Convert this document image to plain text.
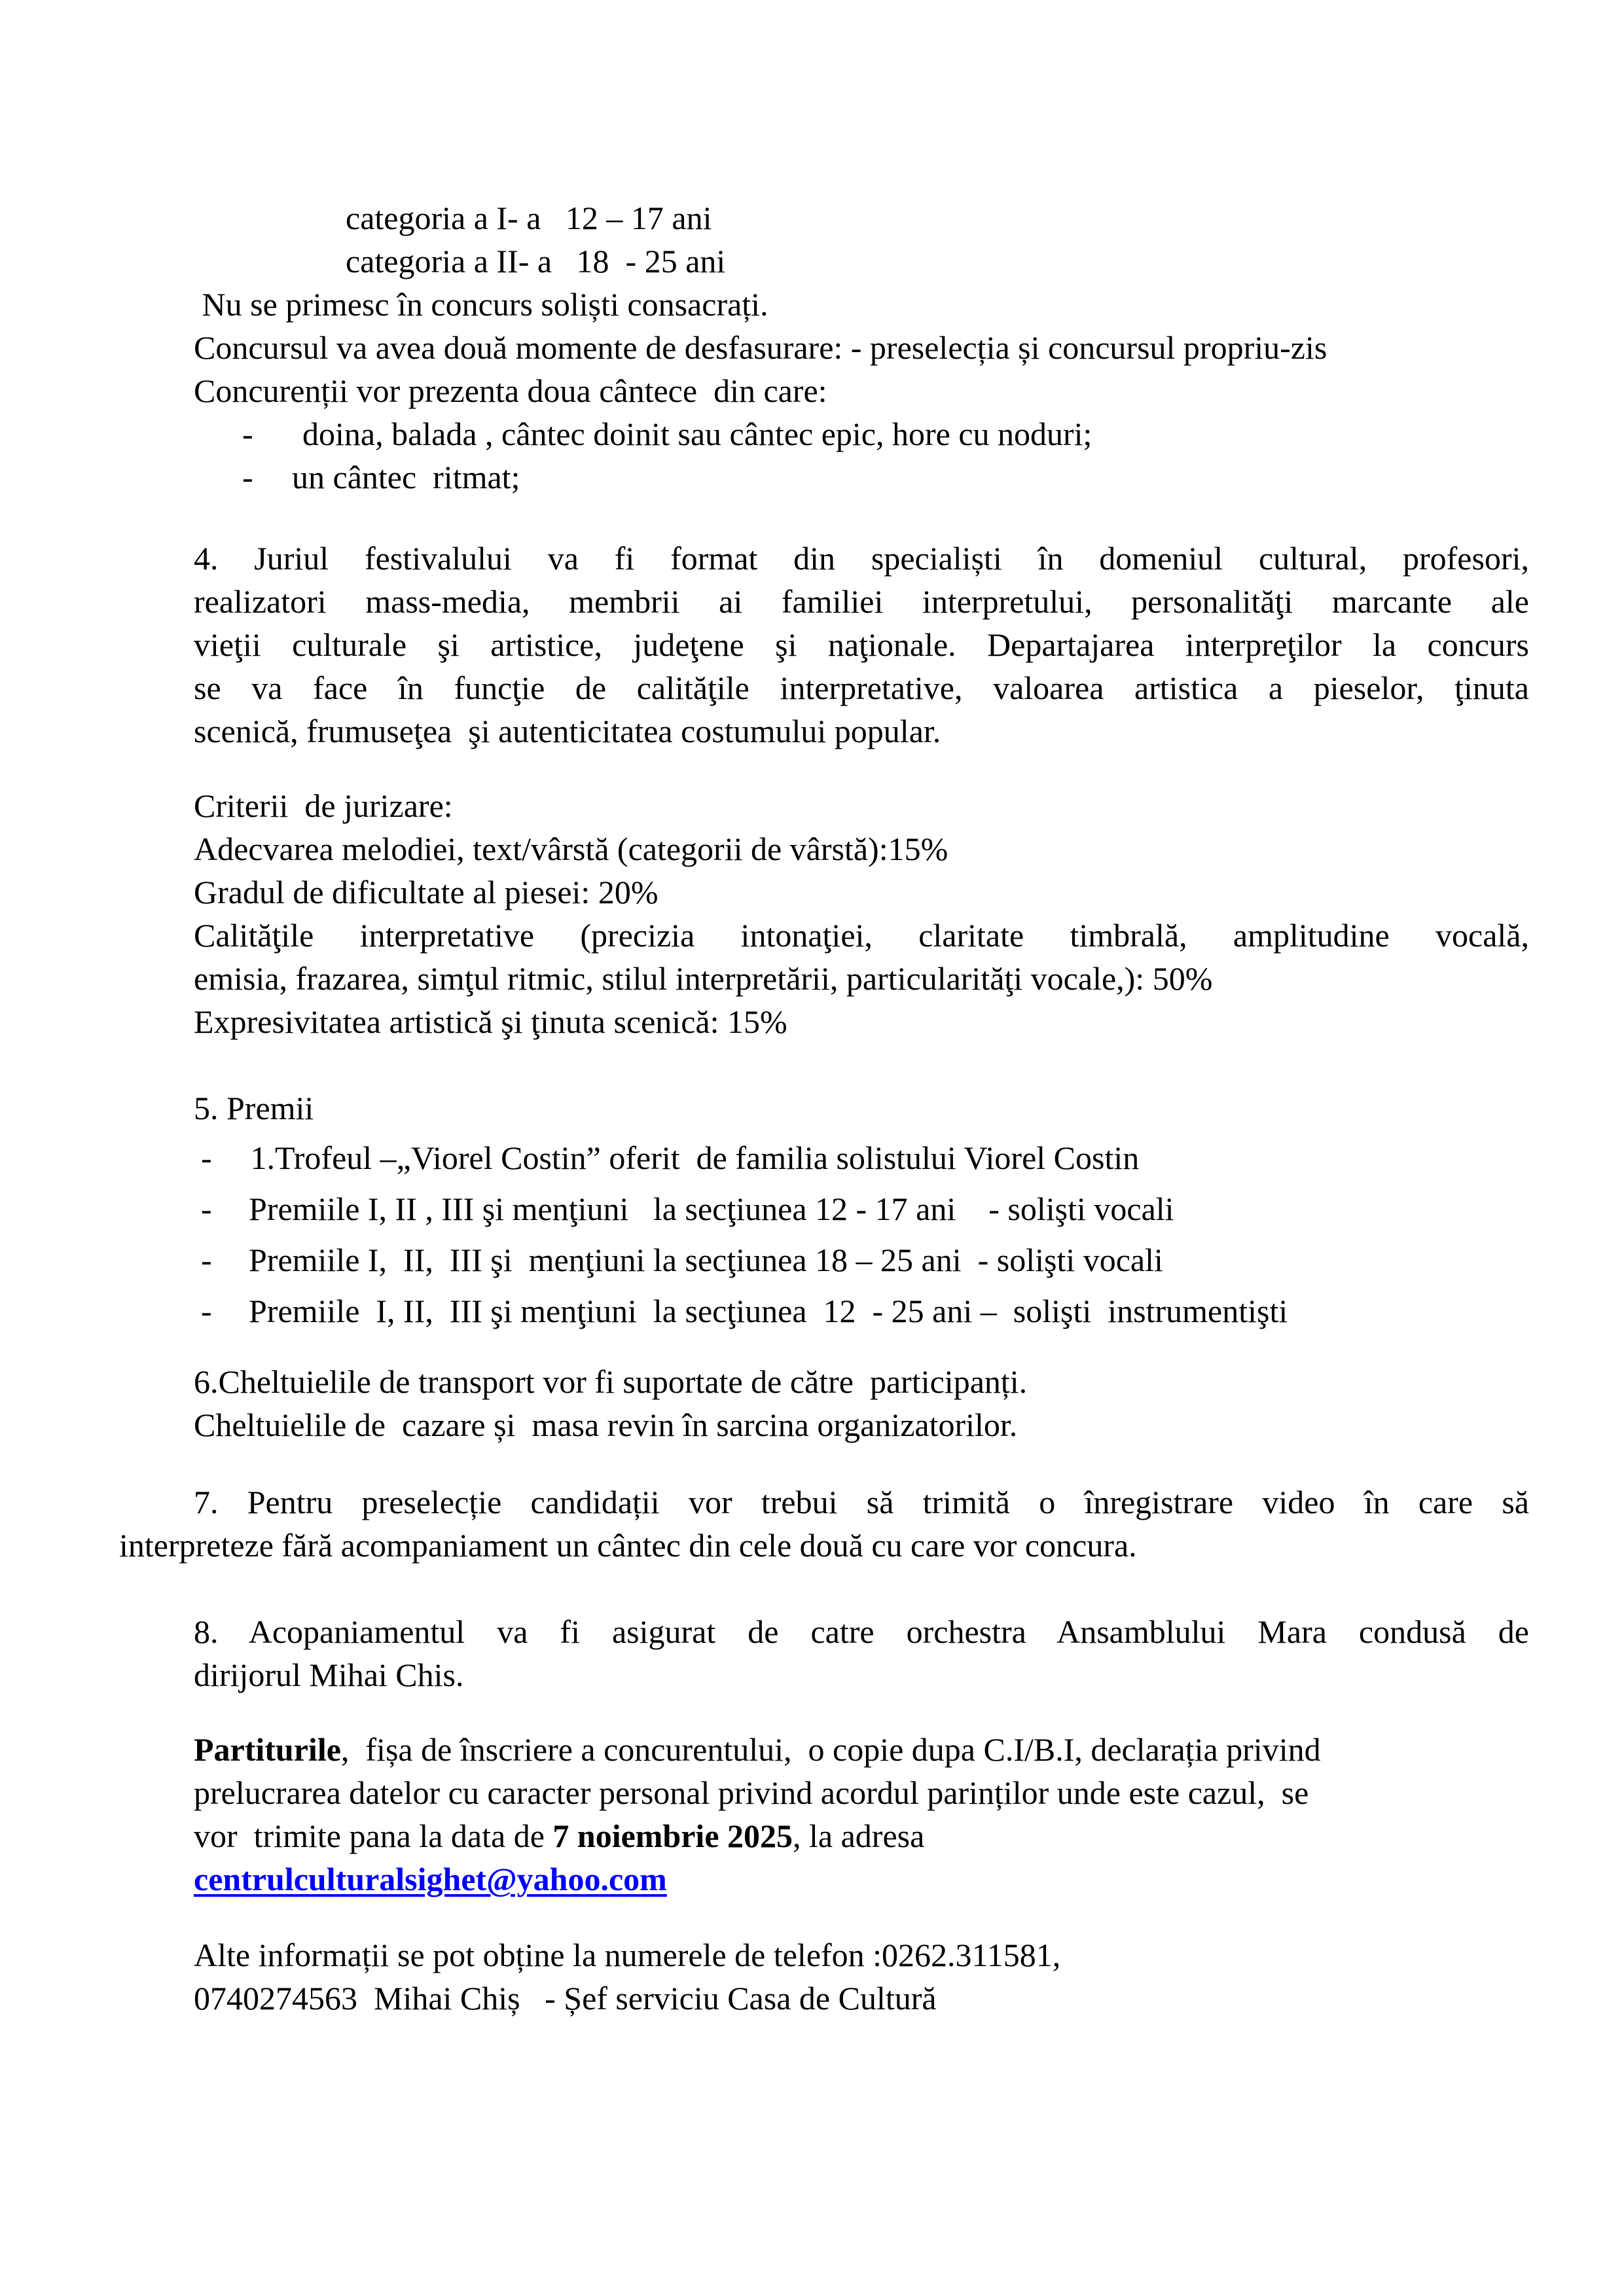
categoria a I- a   12 – 17 ani
categoria a II- a   18  - 25 ani
Nu se primesc în concurs soliști consacrați.
Concursul va avea două momente de desfasurare: - preselecția și concursul propriu-zis
Concurenții vor prezenta doua cântece  din care:
- doina, balada , cântec doinit sau cântec epic, hore cu noduri;
- un cântec  ritmat;
4. Juriul festivalului va fi format din specialiști în domeniul cultural, profesori,
realizatori mass-media, membrii ai familiei interpretului, personalităţi marcante ale
vieţii culturale şi artistice, judeţene şi naţionale. Departajarea interpreţilor la concurs
se va face în funcţie de calităţile interpretative, valoarea artistica a pieselor, ţinuta
scenică, frumuseţea  şi autenticitatea costumului popular.
Criterii  de jurizare:
Adecvarea melodiei, text/vârstă (categorii de vârstă):15%
Gradul de dificultate al piesei: 20%
Calităţile interpretative (precizia intonaţiei, claritate timbrală, amplitudine vocală,
emisia, frazarea, simţul ritmic, stilul interpretării, particularităţi vocale,): 50%
Expresivitatea artistică şi ţinuta scenică: 15%
5. Premii
- 1.Trofeul –„Viorel Costin” oferit  de familia solistului Viorel Costin
- Premiile I, II , III şi menţiuni   la secţiunea 12 - 17 ani    - solişti vocali
- Premiile I,  II,  III şi  menţiuni la secţiunea 18 – 25 ani  - solişti vocali
- Premiile  I, II,  III şi menţiuni  la secţiunea  12  - 25 ani –  solişti  instrumentişti
6.Cheltuielile de transport vor fi suportate de către  participanți.
Cheltuielile de  cazare și  masa revin în sarcina organizatorilor.
7. Pentru preselecție candidații vor trebui să trimită o înregistrare video în care să
interpreteze fără acompaniament un cântec din cele două cu care vor concura.
8. Acopaniamentul va fi asigurat de catre orchestra Ansamblului Mara condusă de
dirijorul Mihai Chis.
Partiturile,  fișa de înscriere a concurentului,  o copie dupa C.I/B.I, declarația privind
prelucrarea datelor cu caracter personal privind acordul parinților unde este cazul,  se
vor  trimite pana la data de 7 noiembrie 2025, la adresa
centrulculturalsighet@yahoo.com
Alte informații se pot obține la numerele de telefon :0262.311581,
0740274563  Mihai Chiș   - Șef serviciu Casa de Cultură
